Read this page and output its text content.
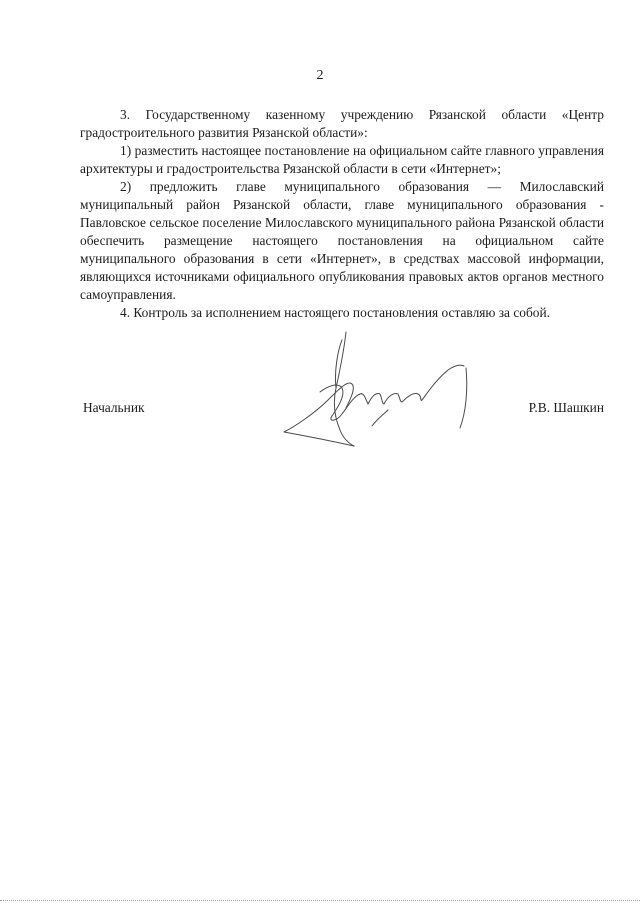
2

3. Государственному казенному учреждению Рязанской области «Центр градостроительного развития Рязанской области»:

1) разместить настоящее постановление на официальном сайте главного управления архитектуры и градостроительства Рязанской области в сети «Интернет»;

2) предложить главе муниципального образования — Милославский муниципальный район Рязанской области, главе муниципального образования - Павловское сельское поселение Милославского муниципального района Рязанской области обеспечить размещение настоящего постановления на официальном сайте муниципального образования в сети «Интернет», в средствах массовой информации, являющихся источниками официального опубликования правовых актов органов местного самоуправления.

4. Контроль за исполнением настоящего постановления оставляю за собой.

Начальник	Р.В. Шашкин
